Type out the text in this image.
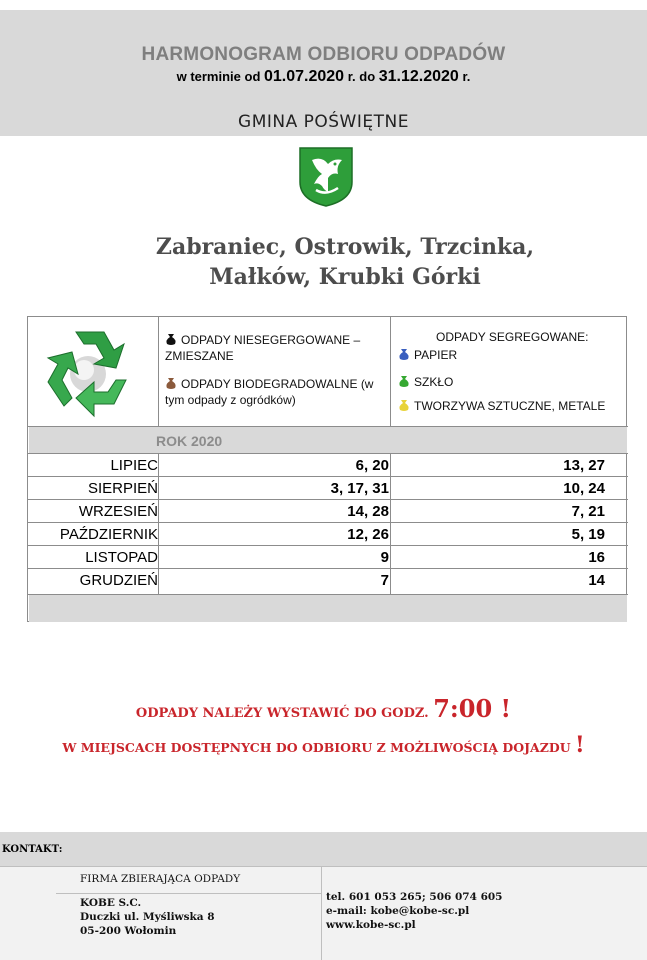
HARMONOGRAM ODBIORU ODPADÓW
w terminie od 01.07.2020 r. do 31.12.2020 r.
GMINA POŚWIĘTNE
Zabraniec, Ostrowik, Trzcinka,
Małków, Krubki Górki
ODPADY NIESEGERGOWANE – ZMIESZANE
ODPADY BIODEGRADOWALNE (w tym odpady z ogródków)
ODPADY SEGREGOWANE:
PAPIER
SZKŁO
TWORZYWA SZTUCZNE, METALE
ROK 2020
LIPIEC	6, 20	13, 27
SIERPIEŃ	3, 17, 31	10, 24
WRZESIEŃ	14, 28	7, 21
PAŹDZIERNIK	12, 26	5, 19
LISTOPAD	9	16
GRUDZIEŃ	7	14
ODPADY NALEŻY WYSTAWIĆ DO GODZ. 7:00 !
W MIEJSCACH DOSTĘPNYCH DO ODBIORU Z MOŻLIWOŚCIĄ DOJAZDU !
KONTAKT:
FIRMA ZBIERAJĄCA ODPADY
KOBE S.C.
Duczki ul. Myśliwska 8
05-200 Wołomin
tel. 601 053 265; 506 074 605
e-mail: kobe@kobe-sc.pl
www.kobe-sc.pl
